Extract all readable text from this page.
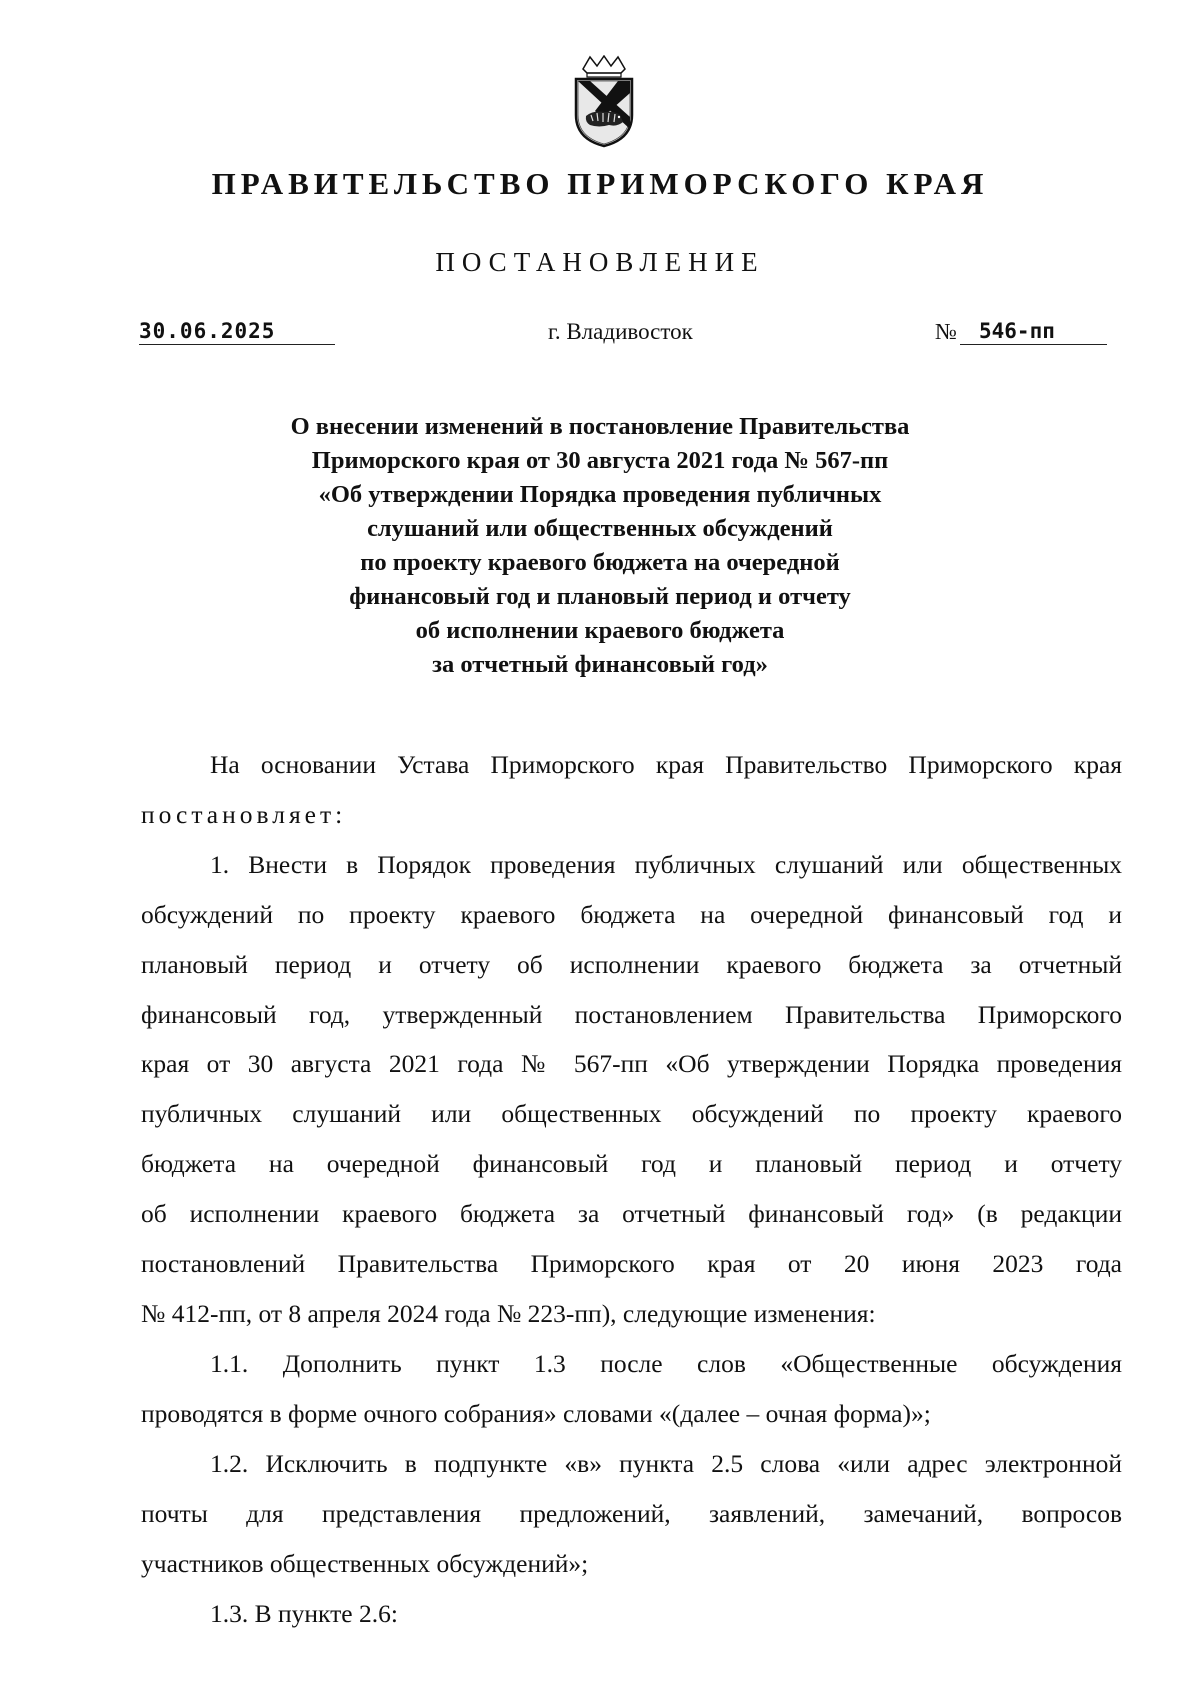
ПРАВИТЕЛЬСТВО ПРИМОРСКОГО КРАЯ
ПОСТАНОВЛЕНИЕ
30.06.2025	г. Владивосток	№ 546-пп
О внесении изменений в постановление Правительства
Приморского края от 30 августа 2021 года № 567-пп
«Об утверждении Порядка проведения публичных
слушаний или общественных обсуждений
по проекту краевого бюджета на очередной
финансовый год и плановый период и отчету
об исполнении краевого бюджета
за отчетный финансовый год»
На основании Устава Приморского края Правительство Приморского края
постановляет:
1. Внести в Порядок проведения публичных слушаний или общественных
обсуждений по проекту краевого бюджета на очередной финансовый год и
плановый период и отчету об исполнении краевого бюджета за отчетный
финансовый год, утвержденный постановлением Правительства Приморского
края от 30 августа 2021 года № 567-пп «Об утверждении Порядка проведения
публичных слушаний или общественных обсуждений по проекту краевого
бюджета на очередной финансовый год и плановый период и отчету
об исполнении краевого бюджета за отчетный финансовый год» (в редакции
постановлений Правительства Приморского края от 20 июня 2023 года
№ 412-пп, от 8 апреля 2024 года № 223-пп), следующие изменения:
1.1. Дополнить пункт 1.3 после слов «Общественные обсуждения
проводятся в форме очного собрания» словами «(далее – очная форма)»;
1.2. Исключить в подпункте «в» пункта 2.5 слова «или адрес электронной
почты для представления предложений, заявлений, замечаний, вопросов
участников общественных обсуждений»;
1.3. В пункте 2.6:
